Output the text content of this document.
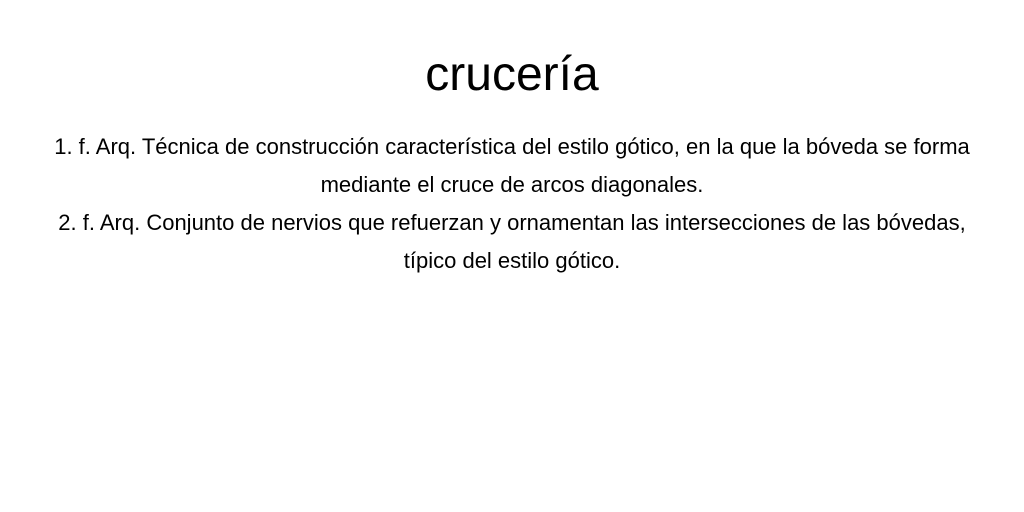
crucería

1. f. Arq. Técnica de construcción característica del estilo gótico, en la que la bóveda se forma mediante el cruce de arcos diagonales.

2. f. Arq. Conjunto de nervios que refuerzan y ornamentan las intersecciones de las bóvedas, típico del estilo gótico.
